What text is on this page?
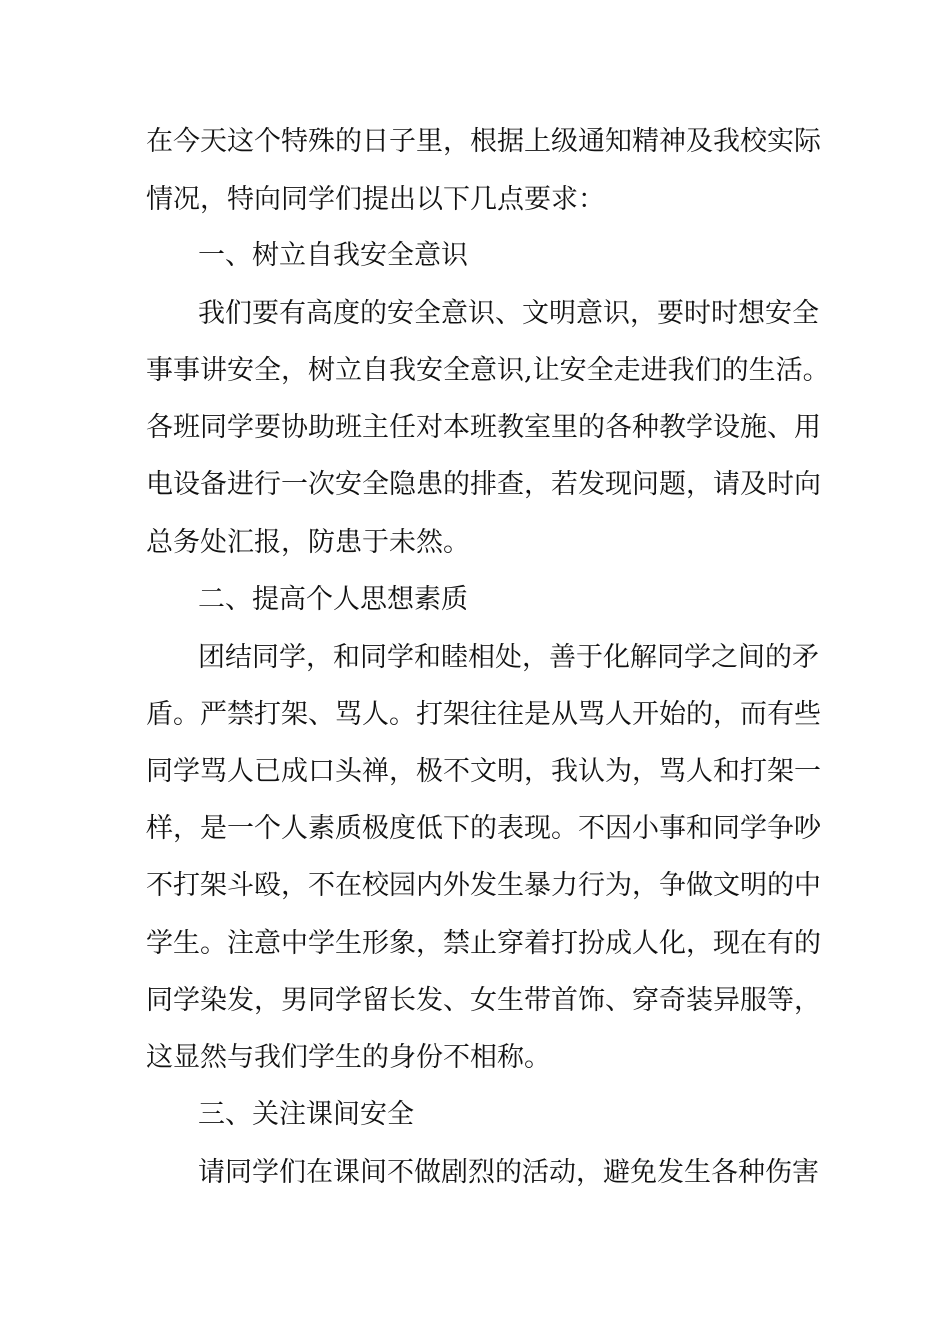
在今天这个特殊的日子里，根据上级通知精神及我校实际
情况，特向同学们提出以下几点要求：
一、树立自我安全意识
我们要有高度的安全意识、文明意识，要时时想安全
事事讲安全，树立自我安全意识,让安全走进我们的生活。
各班同学要协助班主任对本班教室里的各种教学设施、用
电设备进行一次安全隐患的排查，若发现问题，请及时向
总务处汇报，防患于未然。
二、提高个人思想素质
团结同学，和同学和睦相处，善于化解同学之间的矛
盾。严禁打架、骂人。打架往往是从骂人开始的，而有些
同学骂人已成口头禅，极不文明，我认为，骂人和打架一
样，是一个人素质极度低下的表现。不因小事和同学争吵
不打架斗殴，不在校园内外发生暴力行为，争做文明的中
学生。注意中学生形象，禁止穿着打扮成人化，现在有的
同学染发，男同学留长发、女生带首饰、穿奇装异服等，
这显然与我们学生的身份不相称。
三、关注课间安全
请同学们在课间不做剧烈的活动，避免发生各种伤害
